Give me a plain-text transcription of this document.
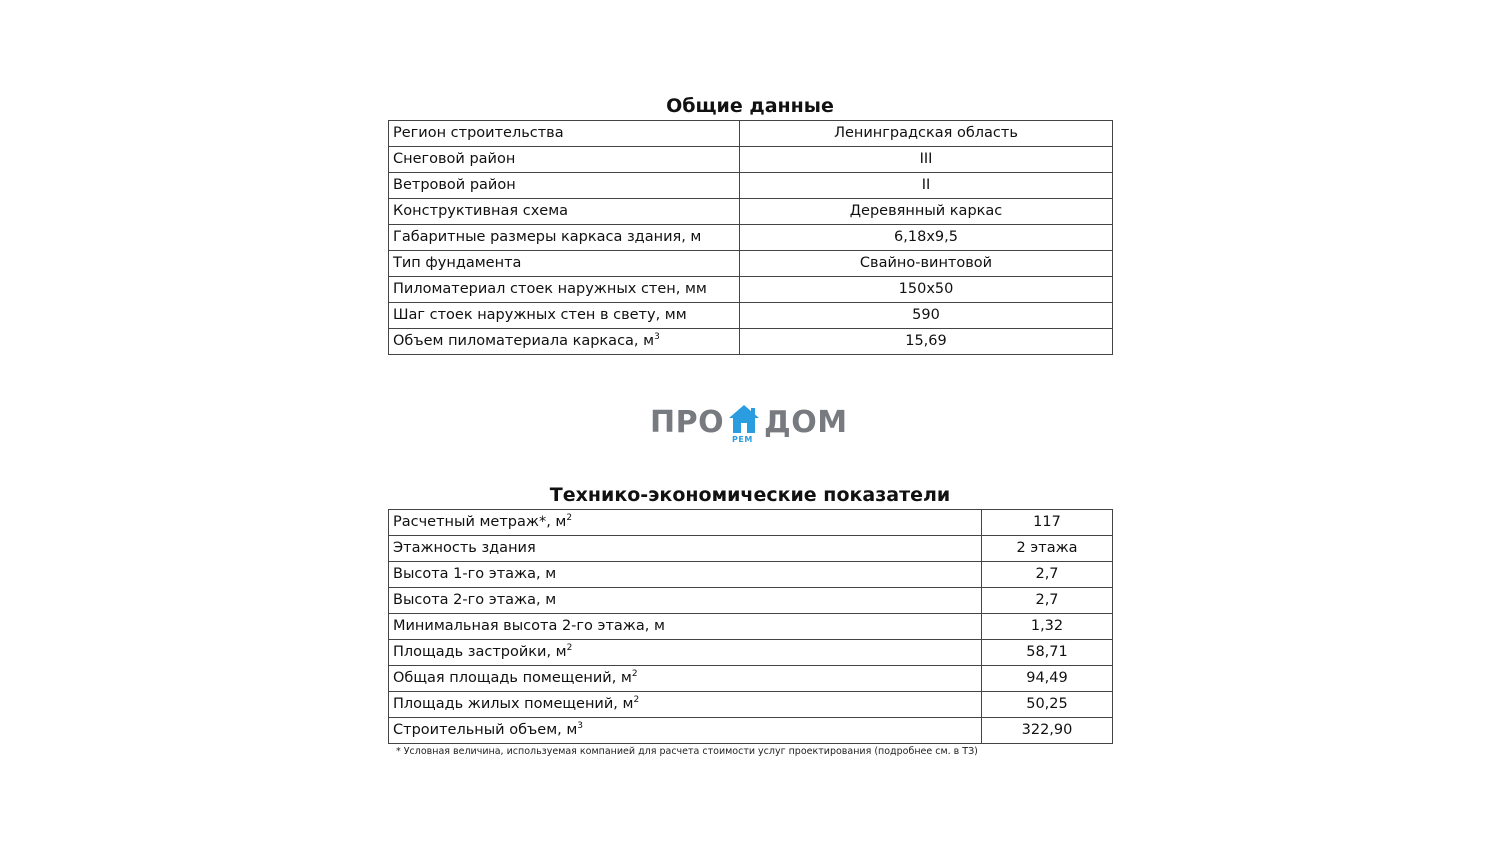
Общие данные
Регион строительства	Ленинградская область
Снеговой район	III
Ветровой район	II
Конструктивная схема	Деревянный каркас
Габаритные размеры каркаса здания, м	6,18х9,5
Тип фундамента	Свайно-винтовой
Пиломатериал стоек наружных стен, мм	150х50
Шаг стоек наружных стен в свету, мм	590
Объем пиломатериала каркаса, $м^3$	15,69
ПРО РЕМ ДОМ
Технико-экономические показатели
Расчетный метраж*, $м^2$	117
Этажность здания	2 этажа
Высота 1-го этажа, м	2,7
Высота 2-го этажа, м	2,7
Минимальная высота 2-го этажа, м	1,32
Площадь застройки, $м^2$	58,71
Общая площадь помещений, $м^2$	94,49
Площадь жилых помещений, $м^2$	50,25
Строительный объем, $м^3$	322,90
* Условная величина, используемая компанией для расчета стоимости услуг проектирования (подробнее см. в ТЗ)
